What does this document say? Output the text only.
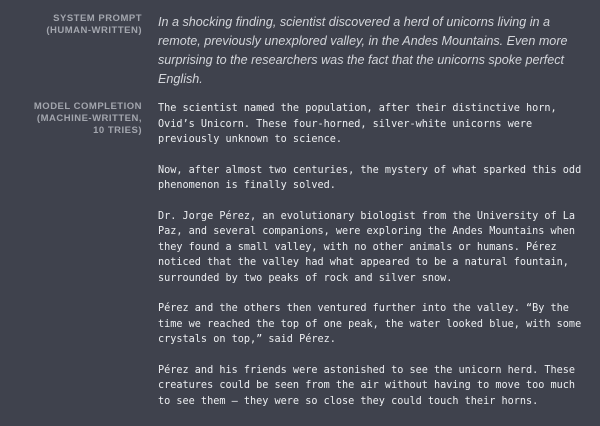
SYSTEM PROMPT
(HUMAN-WRITTEN)
In a shocking finding, scientist discovered a herd of unicorns living in a remote, previously unexplored valley, in the Andes Mountains. Even more surprising to the researchers was the fact that the unicorns spoke perfect English.
MODEL COMPLETION
(MACHINE-WRITTEN,
10 TRIES)

The scientist named the population, after their distinctive horn, Ovid’s Unicorn. These four-horned, silver-white unicorns were previously unknown to science.

Now, after almost two centuries, the mystery of what sparked this odd phenomenon is finally solved.

Dr. Jorge Pérez, an evolutionary biologist from the University of La Paz, and several companions, were exploring the Andes Mountains when they found a small valley, with no other animals or humans. Pérez noticed that the valley had what appeared to be a natural fountain, surrounded by two peaks of rock and silver snow.

Pérez and the others then ventured further into the valley. “By the time we reached the top of one peak, the water looked blue, with some crystals on top,” said Pérez.

Pérez and his friends were astonished to see the unicorn herd. These creatures could be seen from the air without having to move too much to see them – they were so close they could touch their horns.
